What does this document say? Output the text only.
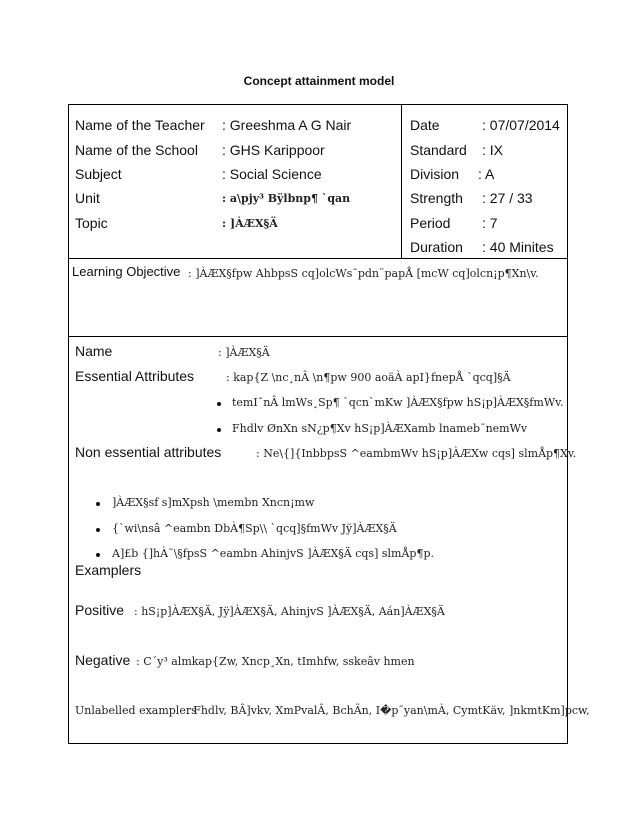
Concept attainment model
Name of the Teacher : Greeshma A G Nair
Name of the School : GHS Karippoor
Subject	: Social Science
Unit	: a\pjy³ Bÿlbnp¶ `qan
Topic	: ]ÀÆX§Ä
Date	: 07/07/2014
Standard : IX
Division : A
Strength : 27 / 33
Period : 7
Duration : 40 Minites
Learning Objective : ]ÀÆX§fpw AhbpsS cq]olcWs¯pdn¨papÅ [mcW cq]olcn¡p¶Xn\v.
Name	: ]ÀÆX§Ä
Essential Attributes	: kap{Z \nc¸nÂ \n¶pw 900 aoäÀ apI}fnepÅ `qcq]§Ä
temI¯nÂ lmWs¸Sp¶ `qcn`mKw ]ÀÆX§fpw hS¡p]ÀÆX§fmWv.
Fhdlv ØnXn sN¿p¶Xv hS¡p]ÀÆXamb lnameb¯nemWv
Non essential attributes	: Ne\{]{InbbpsS ^eambmWv hS¡p]ÀÆXw cqs] slmÅp¶Xv.
]ÀÆX§sf s]mXpsh \membn Xncn¡mw
{`wi\nsâ ^eambn DbÀ¶Sp\\ `qcq]§fmWv Jÿ]ÀÆX§Ä
A]£b {]hÀ¯\§fpsS ^eambn AhinjvS ]ÀÆX§Ä cqs] slmÅp¶p.
Examplers
Positive : hS¡p]ÀÆX§Ä, Jÿ]ÀÆX§Ä, AhinjvS ]ÀÆX§Ä, Aán]ÀÆX§Ä
Negative : C´y³ almkap{Zw, Xncp¸Xn, tImhfw, sskeâv hmen
Unlabelled examplers
: Fhdlv, BÂ]vkv, XmPvalÂ, BchÃn, I�p¯yan\mÀ, CymtKäv, ]nkmtKm]pcw,
